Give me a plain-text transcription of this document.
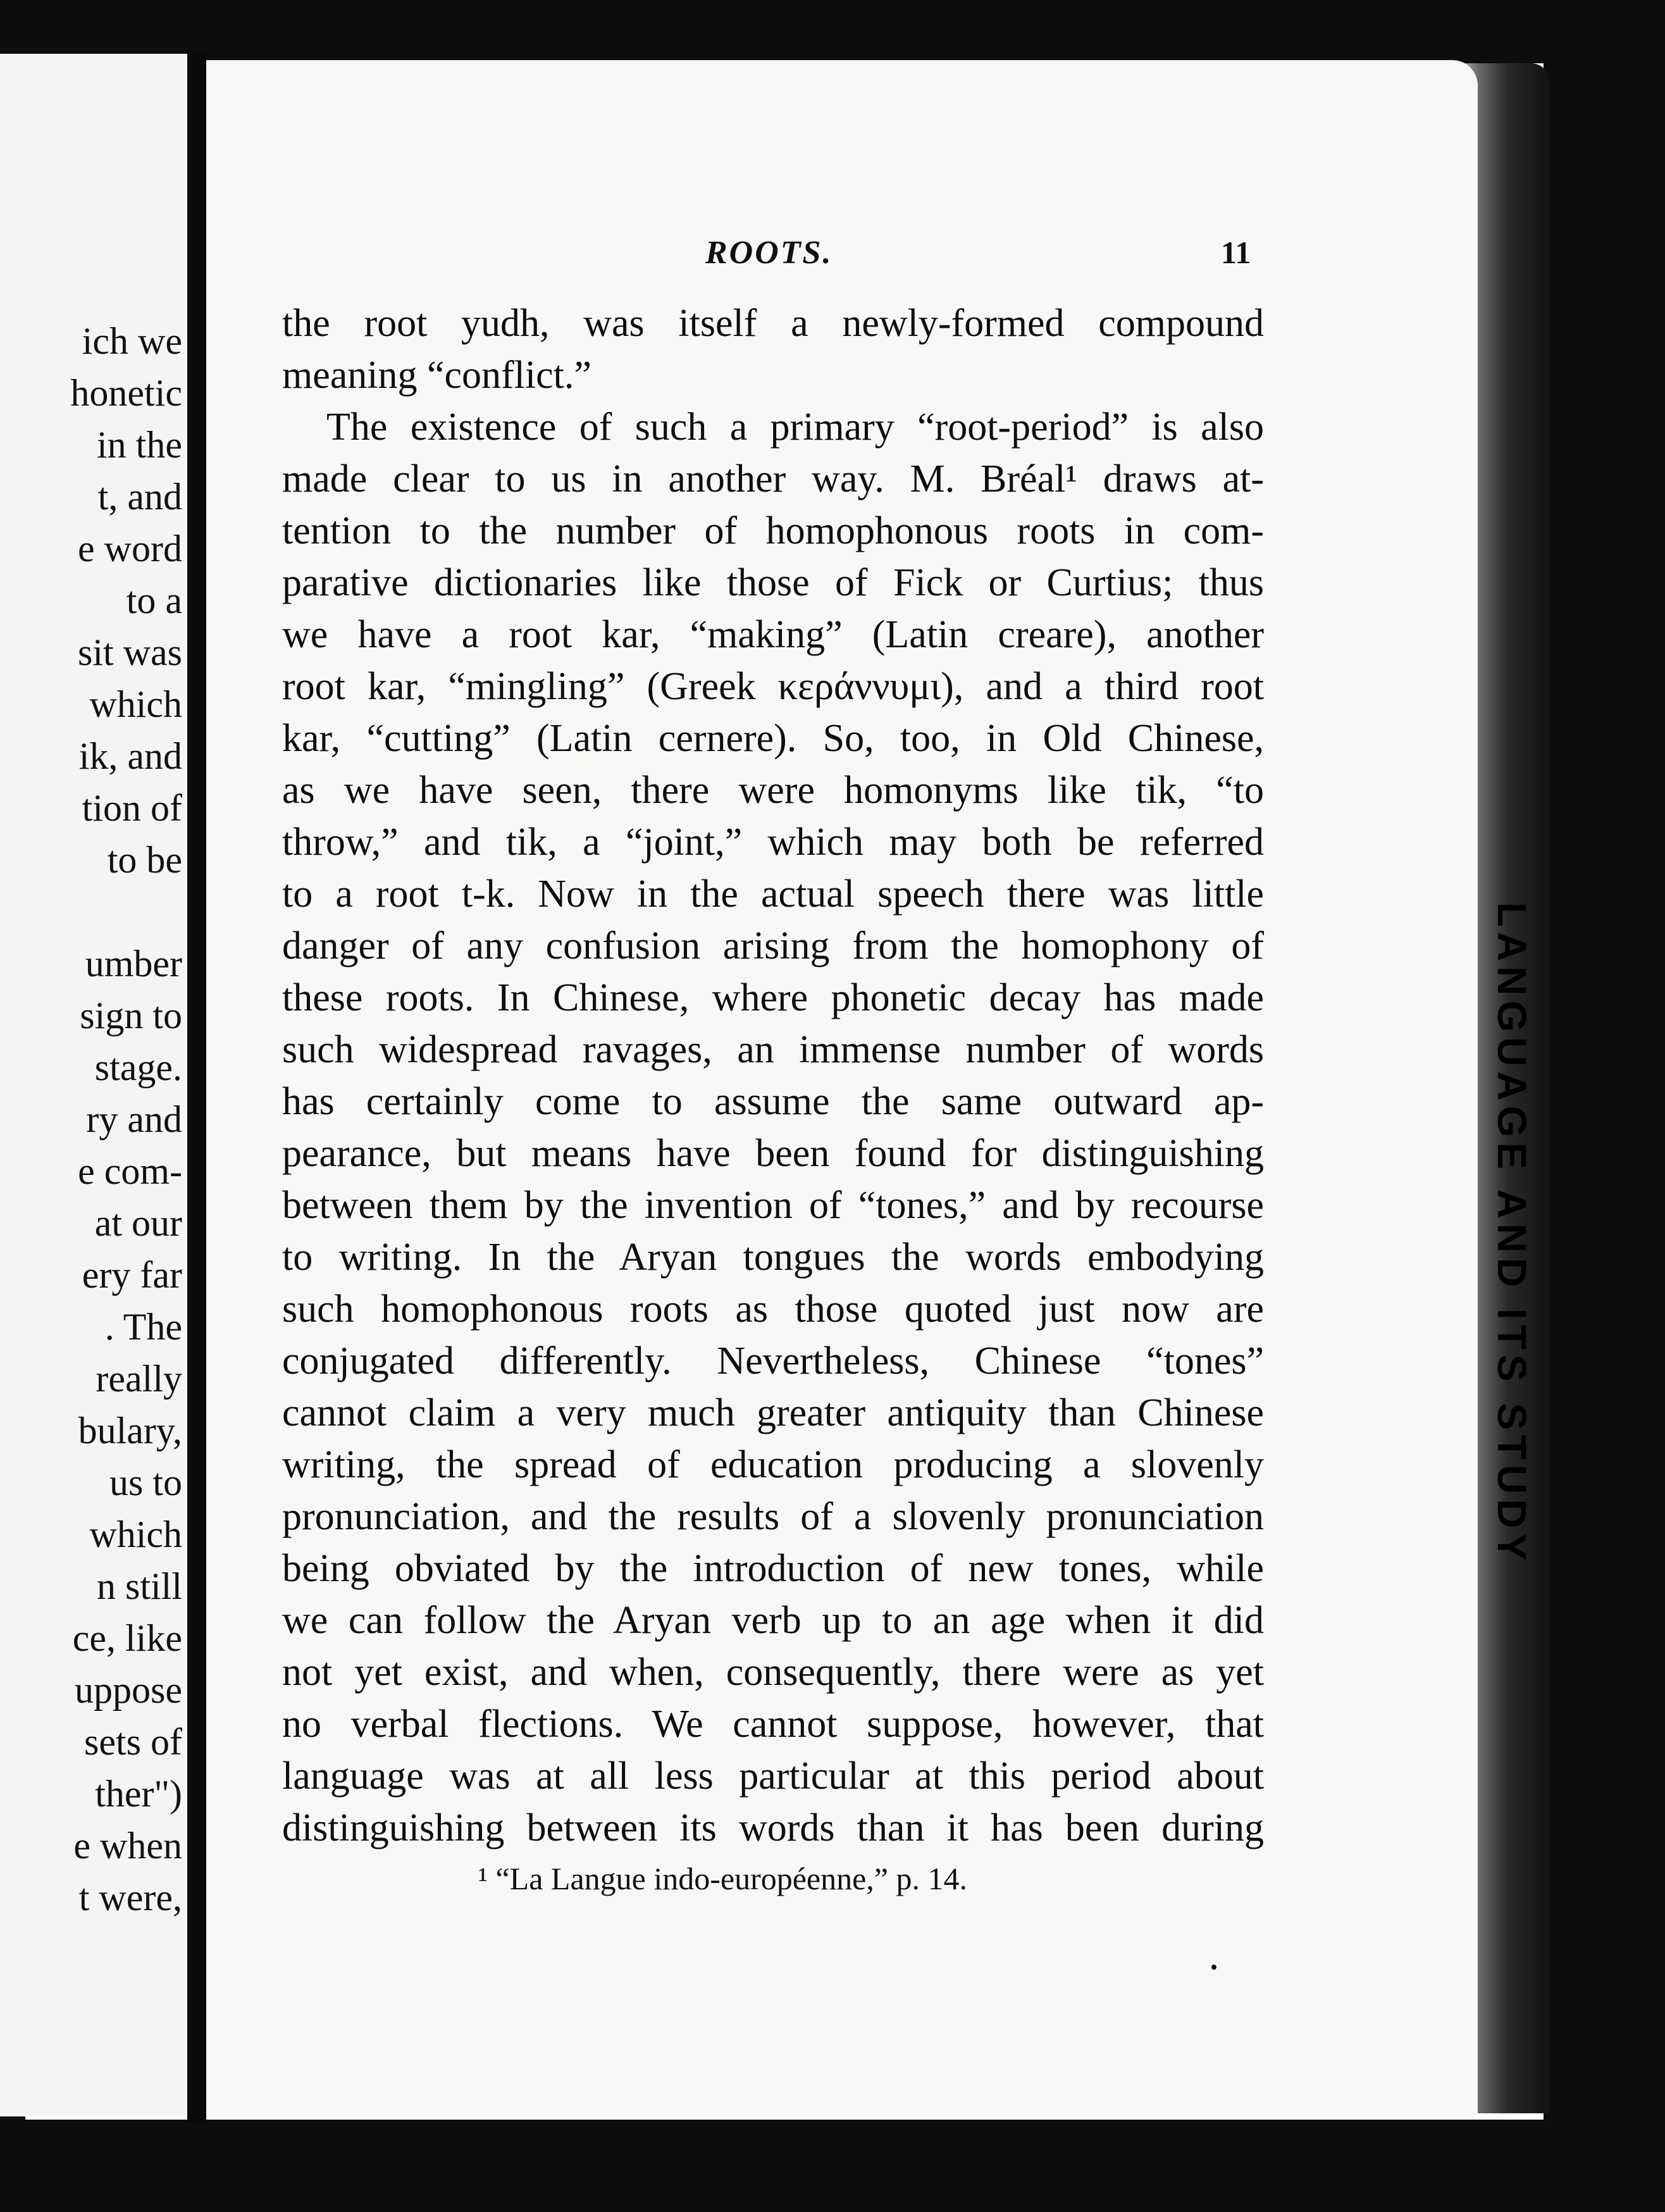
ich we
honetic
in the
t, and
e word
to a
sit was
which
ik, and
tion of
to be
umber
sign to
stage.
ry and
e com-
at our
ery far
. The
really
bulary,
us to
which
n still
ce, like
uppose
sets of
ther")
e when
t were,
LANGUAGE AND ITS STUDY
ROOTS.	11
the root yudh, was itself a newly-formed compound
meaning “conflict.”
The existence of such a primary “root-period” is also
made clear to us in another way. M. Bréal¹ draws at-
tention to the number of homophonous roots in com-
parative dictionaries like those of Fick or Curtius; thus
we have a root kar, “making” (Latin creare), another
root kar, “mingling” (Greek κεράννυμι), and a third root
kar, “cutting” (Latin cernere). So, too, in Old Chinese,
as we have seen, there were homonyms like tik, “to
throw,” and tik, a “joint,” which may both be referred
to a root t-k. Now in the actual speech there was little
danger of any confusion arising from the homophony of
these roots. In Chinese, where phonetic decay has made
such widespread ravages, an immense number of words
has certainly come to assume the same outward ap-
pearance, but means have been found for distinguishing
between them by the invention of “tones,” and by recourse
to writing. In the Aryan tongues the words embodying
such homophonous roots as those quoted just now are
conjugated differently. Nevertheless, Chinese “tones”
cannot claim a very much greater antiquity than Chinese
writing, the spread of education producing a slovenly
pronunciation, and the results of a slovenly pronunciation
being obviated by the introduction of new tones, while
we can follow the Aryan verb up to an age when it did
not yet exist, and when, consequently, there were as yet
no verbal flections. We cannot suppose, however, that
language was at all less particular at this period about
distinguishing between its words than it has been during
¹ “La Langue indo-européenne,” p. 14.
